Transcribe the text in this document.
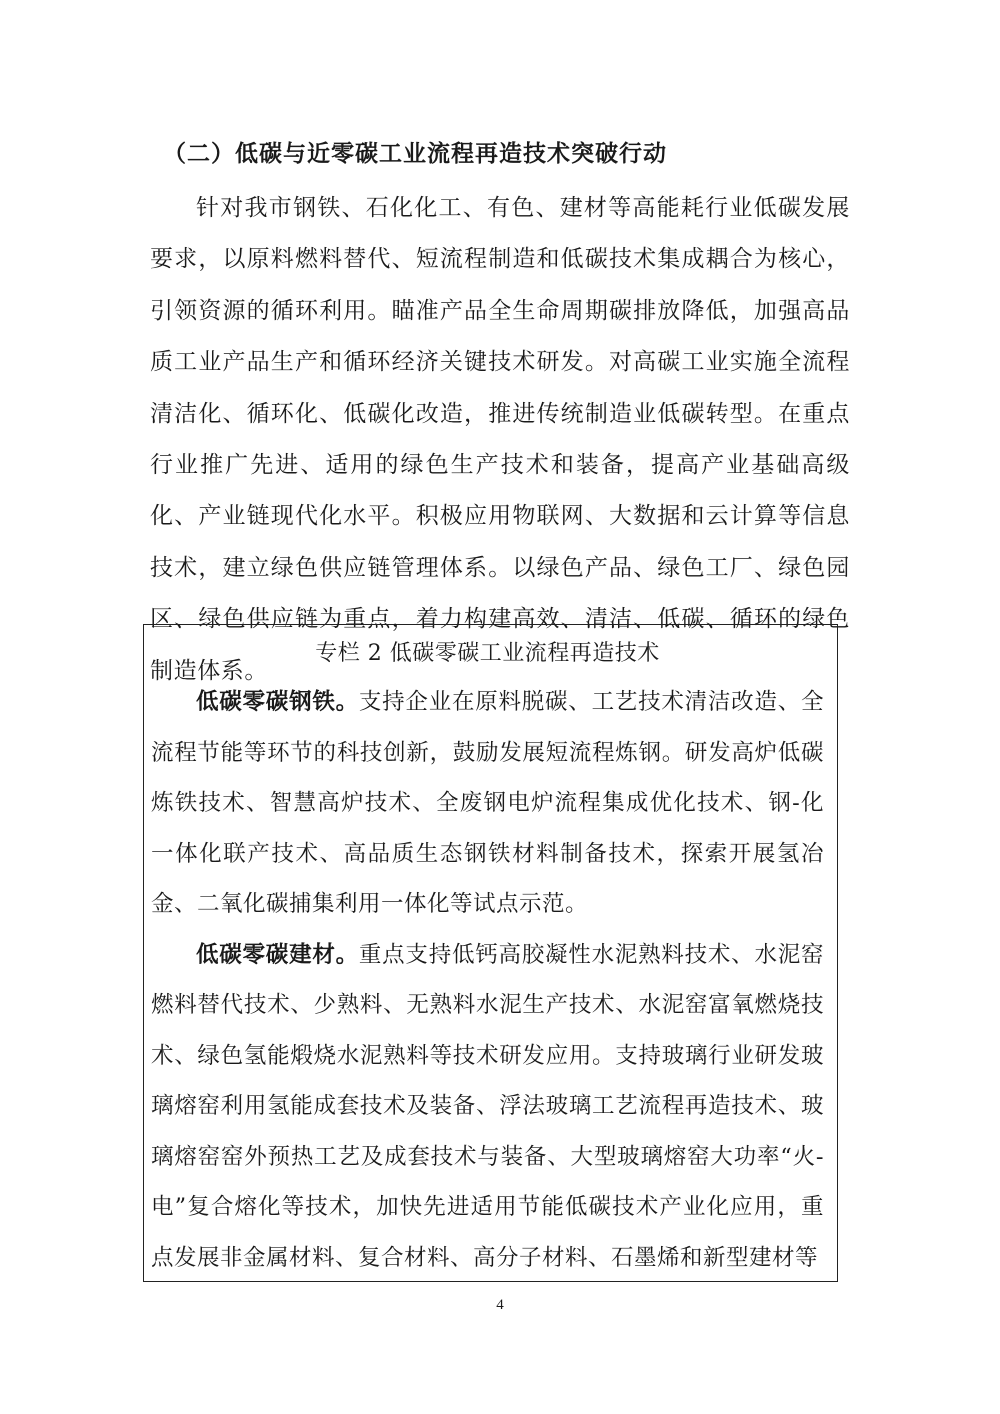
（二）低碳与近零碳工业流程再造技术突破行动
针对我市钢铁、石化化工、有色、建材等高能耗行业低碳发展要求，以原料燃料替代、短流程制造和低碳技术集成耦合为核心，引领资源的循环利用。瞄准产品全生命周期碳排放降低，加强高品质工业产品生产和循环经济关键技术研发。对高碳工业实施全流程清洁化、循环化、低碳化改造，推进传统制造业低碳转型。在重点行业推广先进、适用的绿色生产技术和装备，提高产业基础高级化、产业链现代化水平。积极应用物联网、大数据和云计算等信息技术，建立绿色供应链管理体系。以绿色产品、绿色工厂、绿色园区、绿色供应链为重点，着力构建高效、清洁、低碳、循环的绿色制造体系。

专栏 2 低碳零碳工业流程再造技术

低碳零碳钢铁。支持企业在原料脱碳、工艺技术清洁改造、全流程节能等环节的科技创新，鼓励发展短流程炼钢。研发高炉低碳炼铁技术、智慧高炉技术、全废钢电炉流程集成优化技术、钢-化一体化联产技术、高品质生态钢铁材料制备技术，探索开展氢冶金、二氧化碳捕集利用一体化等试点示范。

低碳零碳建材。重点支持低钙高胶凝性水泥熟料技术、水泥窑燃料替代技术、少熟料、无熟料水泥生产技术、水泥窑富氧燃烧技术、绿色氢能煅烧水泥熟料等技术研发应用。支持玻璃行业研发玻璃熔窑利用氢能成套技术及装备、浮法玻璃工艺流程再造技术、玻璃熔窑窑外预热工艺及成套技术与装备、大型玻璃熔窑大功率“火-电”复合熔化等技术，加快先进适用节能低碳技术产业化应用，重点发展非金属材料、复合材料、高分子材料、石墨烯和新型建材等

4
